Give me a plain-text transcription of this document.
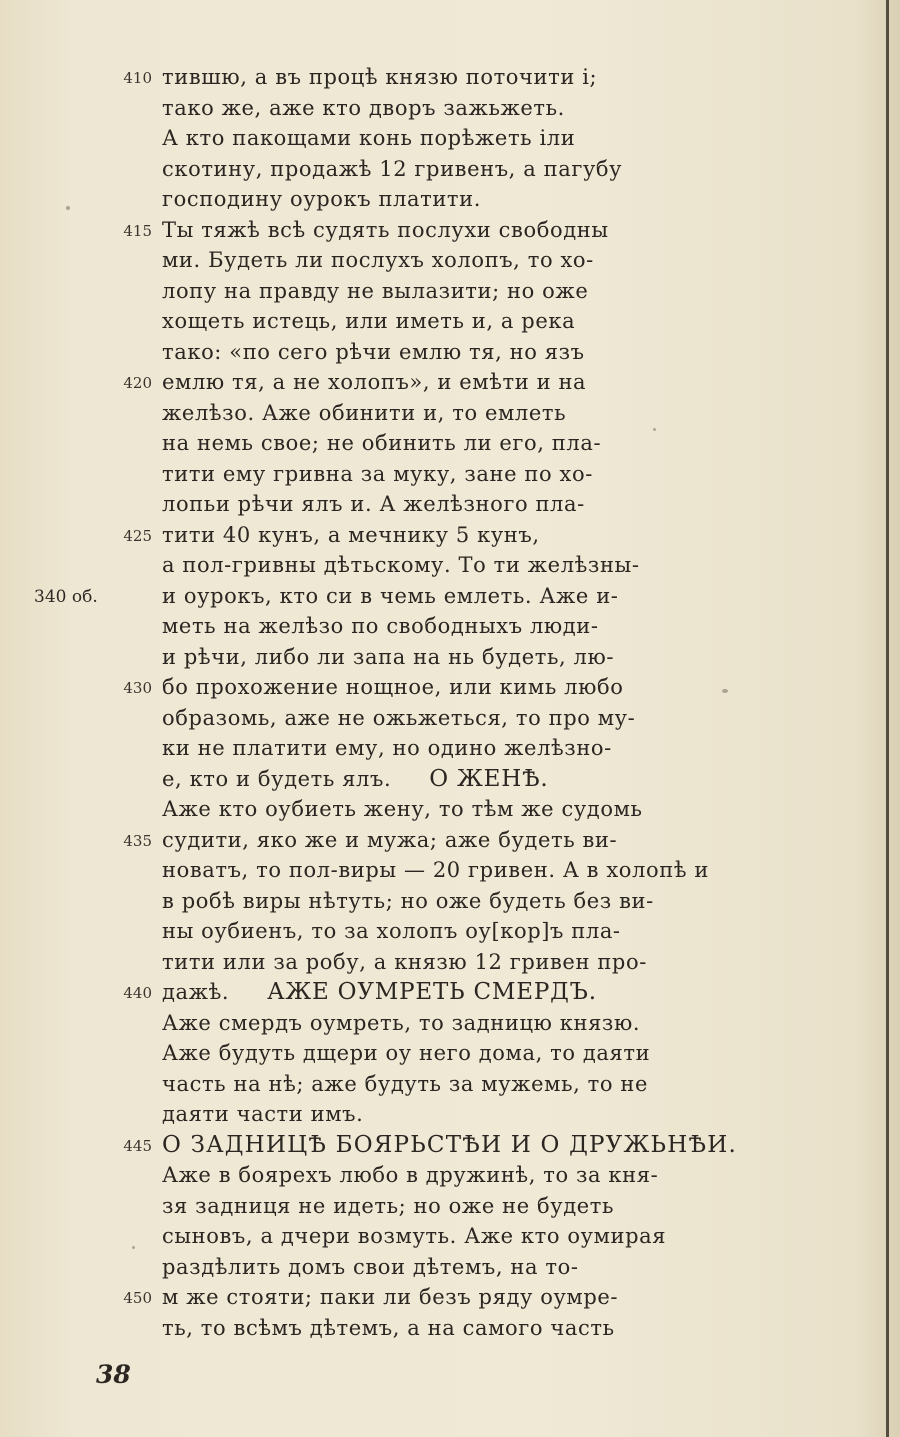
410 тившю, а въ процѣ князю поточити і;
тако же, аже кто дворъ зажьжеть.
А кто пакощами конь порѣжеть іли
скотину, продажѣ 12 гривенъ, а пагубу
господину оурокъ платити.
415 Ты тяжѣ всѣ судять послухи свободны
ми. Будеть ли послухъ холопъ, то хо-
лопу на правду не вылазити; но оже
хощеть истець, или иметь и, а река
тако: «по сего рѣчи емлю тя, но язъ
420 емлю тя, а не холопъ», и емѣти и на
желѣзо. Аже обинити и, то емлеть
на немь свое; не обинить ли его, пла-
тити ему гривна за муку, зане по хо-
лопьи рѣчи ялъ и. А желѣзного пла-
425 тити 40 кунъ, а мечнику 5 кунъ,
а пол-гривны дѣтьскому. То ти желѣзны-
340 об.	и оурокъ, кто си в чемь емлеть. Аже и-
меть на желѣзо по свободныхъ люди-
и рѣчи, либо ли запа на нь будеть, лю-
430 бо прохожение нощное, или кимь любо
образомь, аже не ожьжеться, то про му-
ки не платити ему, но одино желѣзно-
е, кто и будеть ялъ. О ЖЕНѢ.
Аже кто оубиеть жену, то тѣм же судомь
435 судити, яко же и мужа; аже будеть ви-
новатъ, то пол-виры — 20 гривен. А в холопѣ и
в робѣ виры нѣтуть; но оже будеть без ви-
ны оубиенъ, то за холопъ оу[кор]ъ пла-
тити или за робу, а князю 12 гривен про-
440 дажѣ. АЖЕ ОУМРЕТЬ СМЕРДЪ.
Аже смердъ оумреть, то задницю князю.
Аже будуть дщери оу него дома, то даяти
часть на нѣ; аже будуть за мужемь, то не
даяти части имъ.
445 О ЗАДНИЦѢ БОЯРЬСТѢИ И О ДРУЖЬНѢИ.
Аже в боярехъ любо в дружинѣ, то за кня-
зя задниця не идеть; но оже не будеть
сыновъ, а дчери возмуть. Аже кто оумирая
раздѣлить домъ свои дѣтемъ, на то-
450 м же стояти; паки ли безъ ряду оумре-
ть, то всѣмъ дѣтемъ, а на самого часть
38
